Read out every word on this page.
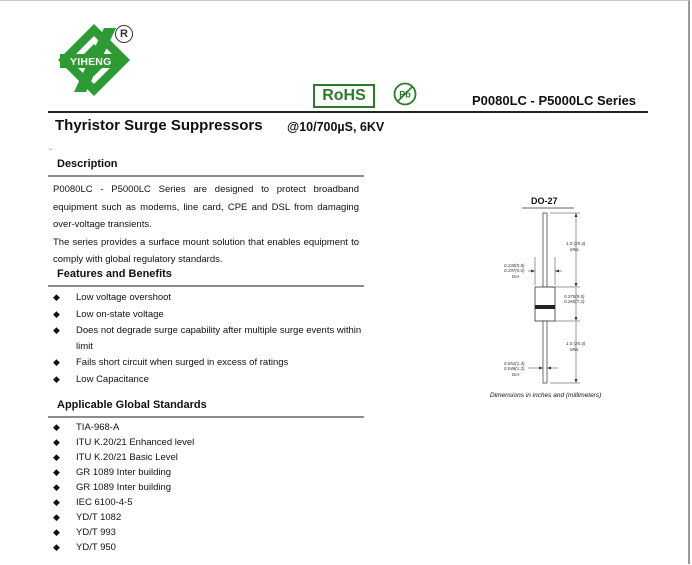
YIHENG
R
RoHS	Pb	P0080LC - P5000LC Series
Thyristor Surge Suppressors @10/700µS, 6KV
~
Description

P0080LC - P5000LC Series are designed to protect broadband equipment such as modems, line card, CPE and DSL from damaging over-voltage transients.

The series provides a surface mount solution that enables equipment to comply with global regulatory standards.

Features and Benefits
◆ Low voltage overshoot
◆ Low on-state voltage
◆ Does not degrade surge capability after multiple surge events within limit
◆ Fails short circuit when surged in excess of ratings
◆ Low Capacitance
Applicable Global Standards
◆ TIA-968-A
◆ ITU K.20/21 Enhanced level
◆ ITU K.20/21 Basic Level
◆ GR 1089 Inter building
◆ GR 1089 Inter building
◆ IEC 6100-4-5
◆ YD/T 1082
◆ YD/T 993
◆ YD/T 950
DO-27
1.0 (25.4)
MIN.
0.230(5.8)
0.197(5.0)
DIA
0.375(9.5)
0.285(7.2)
1.0 (25.4)
MIN.
0.052(1.3)
0.048(1.2)
DIA
Dimensions in inches and (millimeters)
